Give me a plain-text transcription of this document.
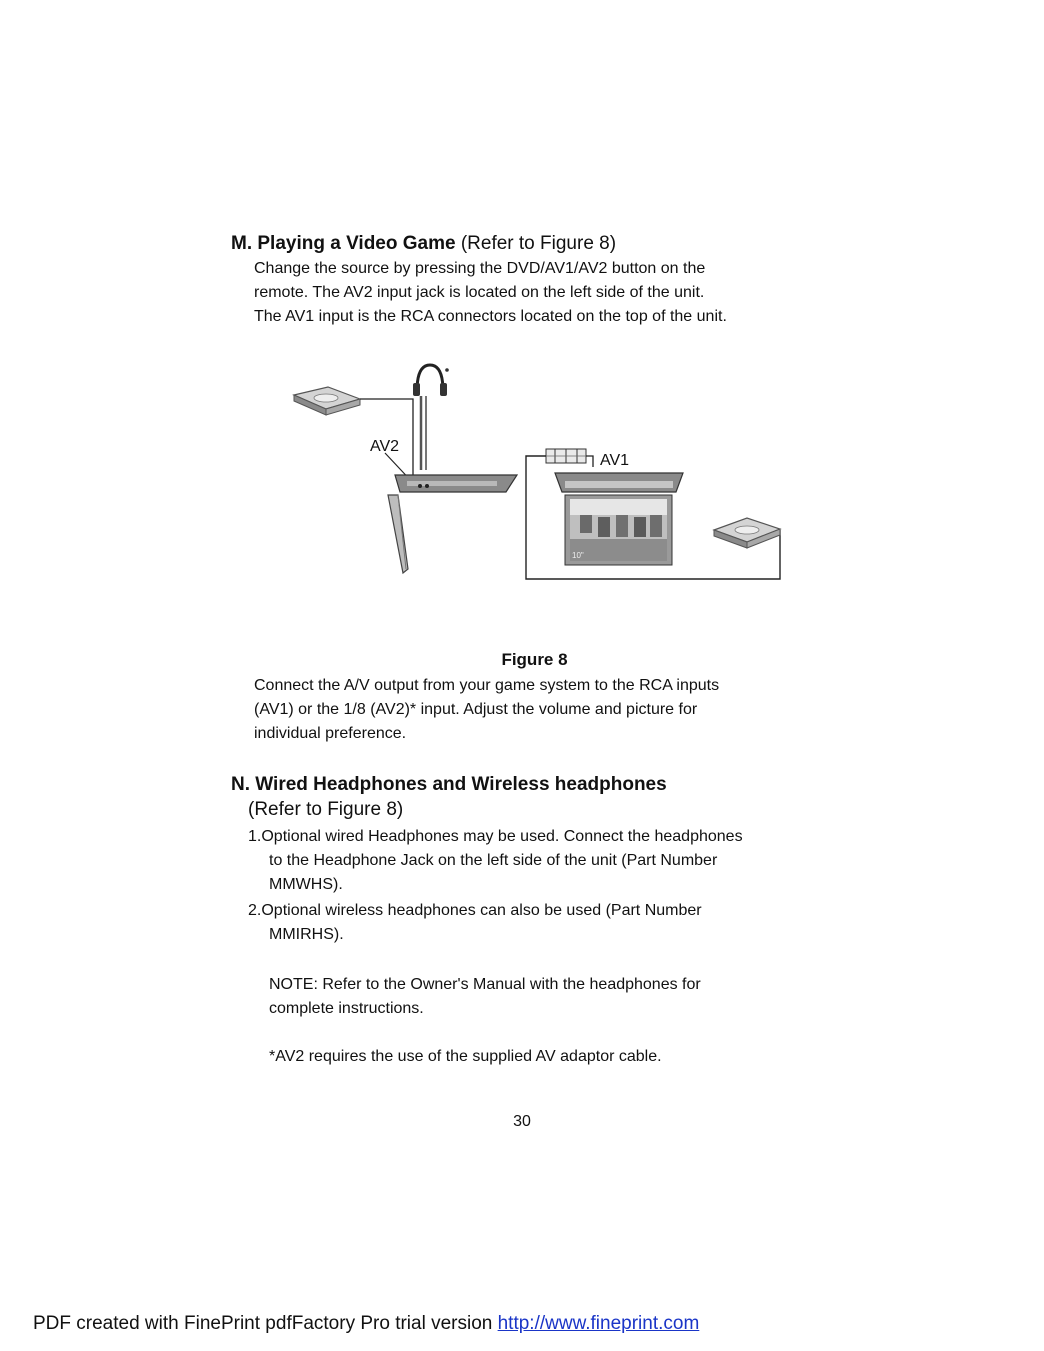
M. Playing a Video Game (Refer to Figure 8)
Change the source by pressing the DVD/AV1/AV2 button on the
remote. The AV2 input jack is located on the left side of the unit.
The AV1 input is the RCA connectors located on the top of the unit.
AV2
AV1
10"
Figure 8
Connect the A/V output from your game system to the RCA inputs
(AV1) or the 1/8 (AV2)* input. Adjust the volume and picture for
individual preference.
N. Wired Headphones and Wireless headphones
(Refer to Figure 8)
1.Optional wired Headphones may be used. Connect the headphones
to the Headphone Jack on the left side of the unit (Part Number
MMWHS).
2.Optional wireless headphones can also be used (Part Number
MMIRHS).
NOTE: Refer to the Owner's Manual with the headphones for
complete instructions.
*AV2 requires the use of the supplied AV adaptor cable.
30
PDF created with FinePrint pdfFactory Pro trial version http://www.fineprint.com
